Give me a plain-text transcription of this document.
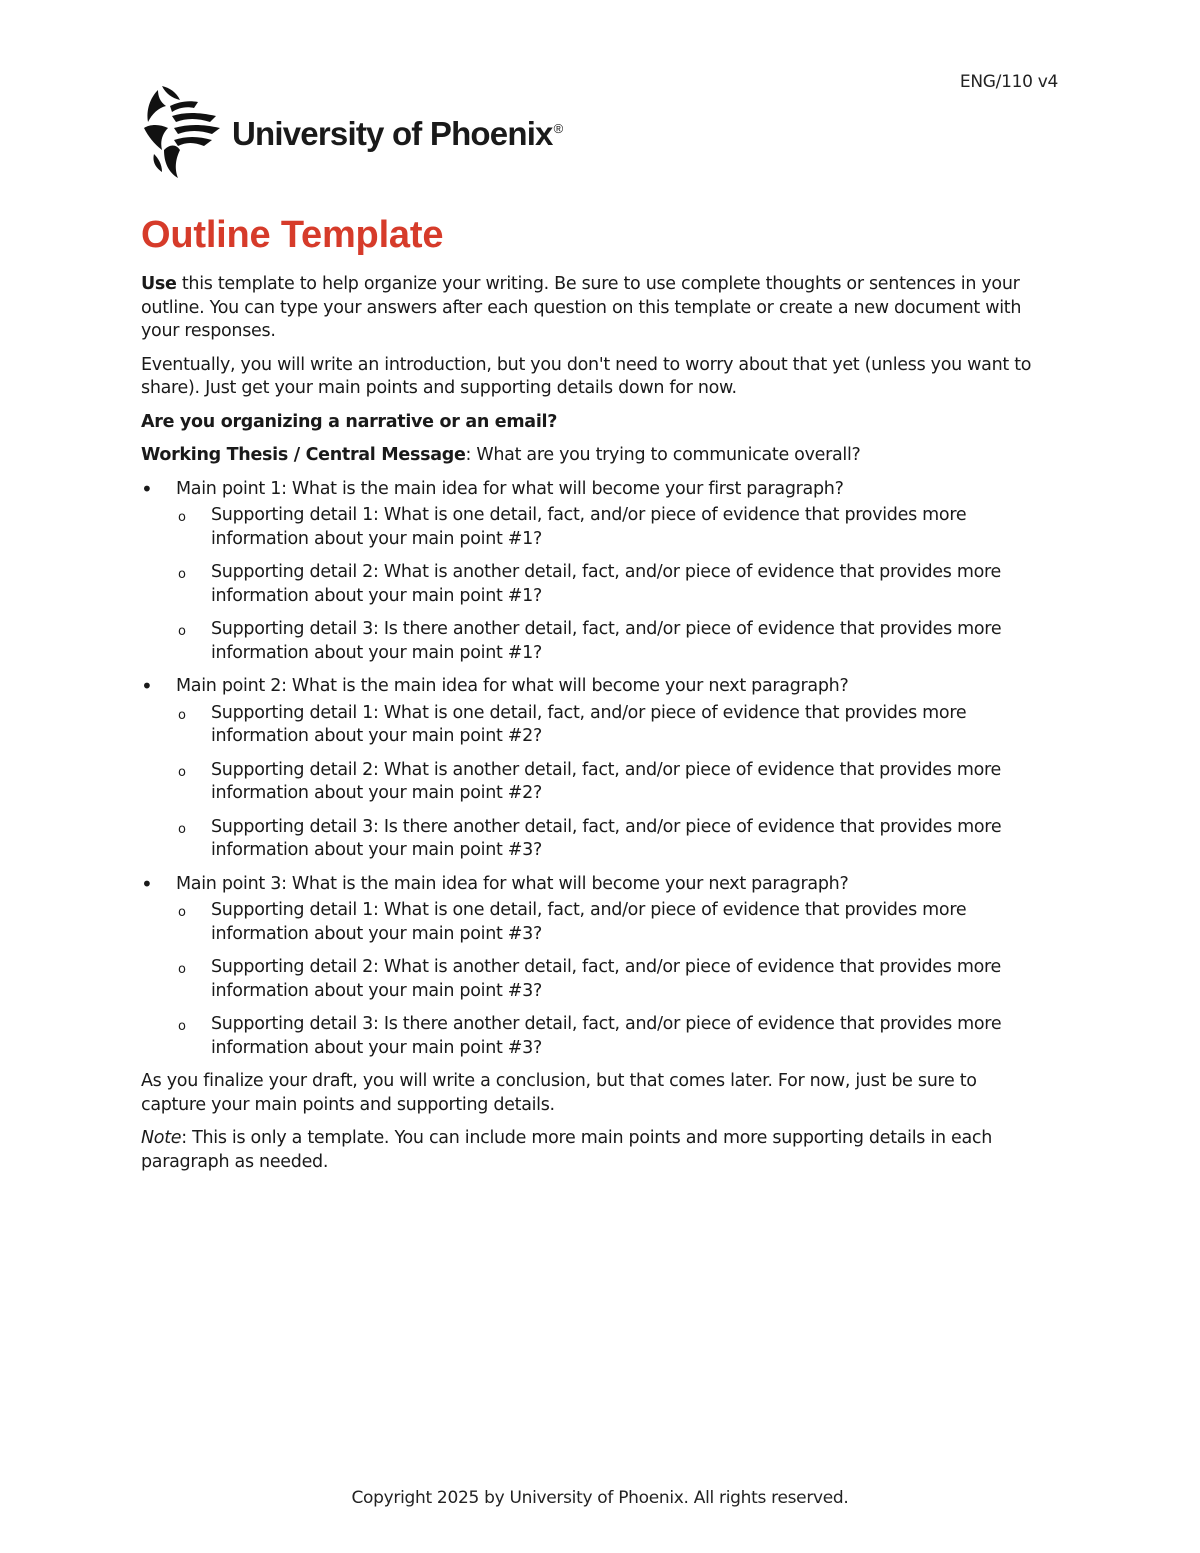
ENG/110 v4
University of Phoenix®
Outline Template

Use this template to help organize your writing. Be sure to use complete thoughts or sentences in your outline. You can type your answers after each question on this template or create a new document with your responses.

Eventually, you will write an introduction, but you don't need to worry about that yet (unless you want to share). Just get your main points and supporting details down for now.

Are you organizing a narrative or an email?

Working Thesis / Central Message: What are you trying to communicate overall?

• Main point 1: What is the main idea for what will become your first paragraph?
o Supporting detail 1: What is one detail, fact, and/or piece of evidence that provides more information about your main point #1?
o Supporting detail 2: What is another detail, fact, and/or piece of evidence that provides more information about your main point #1?
o Supporting detail 3: Is there another detail, fact, and/or piece of evidence that provides more information about your main point #1?
• Main point 2: What is the main idea for what will become your next paragraph?
o Supporting detail 1: What is one detail, fact, and/or piece of evidence that provides more information about your main point #2?
o Supporting detail 2: What is another detail, fact, and/or piece of evidence that provides more information about your main point #2?
o Supporting detail 3: Is there another detail, fact, and/or piece of evidence that provides more information about your main point #3?
• Main point 3: What is the main idea for what will become your next paragraph?
o Supporting detail 1: What is one detail, fact, and/or piece of evidence that provides more information about your main point #3?
o Supporting detail 2: What is another detail, fact, and/or piece of evidence that provides more information about your main point #3?
o Supporting detail 3: Is there another detail, fact, and/or piece of evidence that provides more information about your main point #3?

As you finalize your draft, you will write a conclusion, but that comes later. For now, just be sure to capture your main points and supporting details.

Note: This is only a template. You can include more main points and more supporting details in each paragraph as needed.

Copyright 2025 by University of Phoenix. All rights reserved.
